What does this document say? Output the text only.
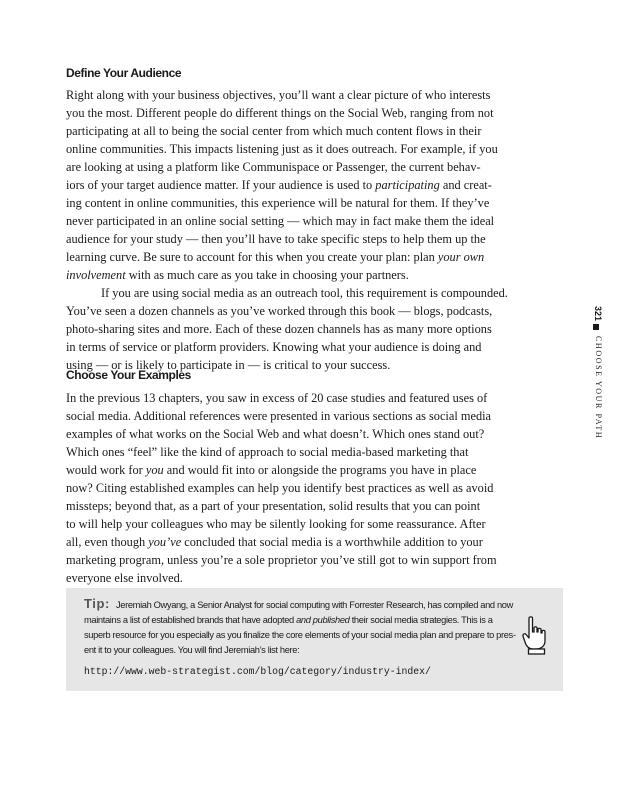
Define Your Audience

Right along with your business objectives, you’ll want a clear picture of who interests

you the most. Different people do different things on the Social Web, ranging from not

participating at all to being the social center from which much content flows in their

online communities. This impacts listening just as it does outreach. For example, if you

are looking at using a platform like Communispace or Passenger, the current behav-

iors of your target audience matter. If your audience is used to participating and creat-

ing content in online communities, this experience will be natural for them. If they’ve

never participated in an online social setting — which may in fact make them the ideal

audience for your study — then you’ll have to take specific steps to help them up the

learning curve. Be sure to account for this when you create your plan: plan your own

involvement with as much care as you take in choosing your partners.

If you are using social media as an outreach tool, this requirement is compounded.

You’ve seen a dozen channels as you’ve worked through this book — blogs, podcasts,

photo-sharing sites and more. Each of these dozen channels has as many more options

in terms of service or platform providers. Knowing what your audience is doing and

using — or is likely to participate in — is critical to your success.

Choose Your Examples

In the previous 13 chapters, you saw in excess of 20 case studies and featured uses of

social media. Additional references were presented in various sections as social media

examples of what works on the Social Web and what doesn’t. Which ones stand out?

Which ones “feel” like the kind of approach to social media-based marketing that

would work for you and would fit into or alongside the programs you have in place

now? Citing established examples can help you identify best practices as well as avoid

missteps; beyond that, as a part of your presentation, solid results that you can point

to will help your colleagues who may be silently looking for some reassurance. After

all, even though you’ve concluded that social media is a worthwhile addition to your

marketing program, unless you’re a sole proprietor you’ve still got to win support from

everyone else involved.

Tip: Jeremiah Owyang, a Senior Analyst for social computing with Forrester Research, has compiled and now

maintains a list of established brands that have adopted and published their social media strategies. This is a

superb resource for you especially as you finalize the core elements of your social media plan and prepare to pres-

ent it to your colleagues. You will find Jeremiah’s list here:

http://www.web-strategist.com/blog/category/industry-index/

321

CHOOSE YOUR PATH
